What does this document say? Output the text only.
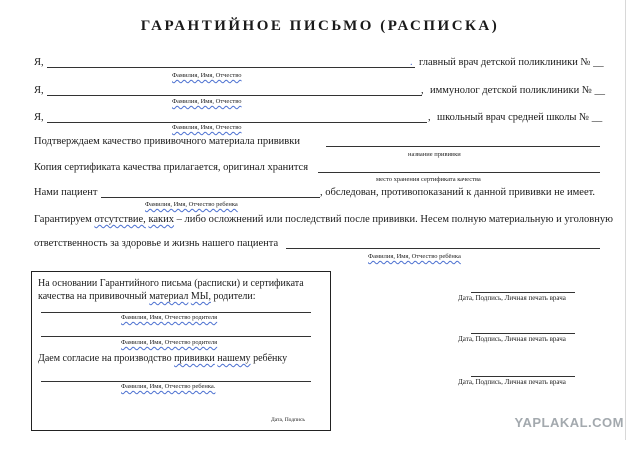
ГАРАНТИЙНОЕ ПИСЬМО (РАСПИСКА)
Я,	. главный врач детской поликлиники № __
Фамилия, Имя, Отчество
Я,	, иммунолог детской поликлиники № __
Фамилия, Имя, Отчество
Я,	, школьный врач средней школы № __
Фамилия, Имя, Отчество
Подтверждаем качество прививочного материала прививки
название прививки
Копия сертификата качества прилагается, оригинал хранится
место хранения сертификата качества
Нами пациент	, обследован, противопоказаний к данной прививки не имеет.
Фамилия, Имя, Отчество ребенка
Гарантируем отсутствие, каких – либо осложнений или последствий после прививки. Несем полную материальную и уголовную
ответственность за здоровье и жизнь нашего пациента
Фамилия, Имя, Отчество ребёнка
На основании Гарантийного письма (расписки) и сертификата
качества на прививочный материал МЫ, родители:
Фамилия, Имя, Отчество родителя
Фамилия, Имя, Отчество родителя
Даем согласие на производство прививки нашему ребёнку
Фамилия, Имя, Отчество ребенка.
Дата, Подпись
Дата, Подпись, Личная печать врача
Дата, Подпись, Личная печать врача
Дата, Подпись, Личная печать врача
YAPLAKAL.COM
